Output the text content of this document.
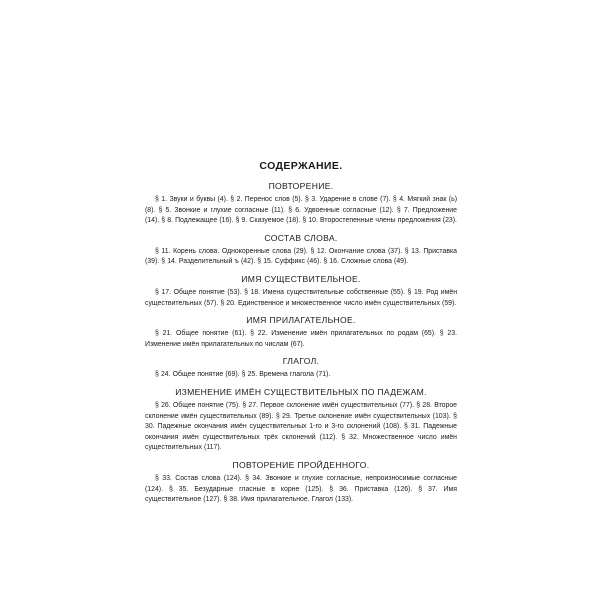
СОДЕРЖАНИЕ.
ПОВТОРЕНИЕ.

§ 1. Звуки и буквы (4). § 2. Перенос слов (5). § 3. Ударение в слове (7). § 4. Мягкий знак (ь) (8). § 5. Звонкие и глухие согласные (11). § 6. Удвоенные согласные (12). § 7. Предложение (14). § 8. Подлежащее (16). § 9. Сказуемое (18). § 10. Второстепенные члены предложения (23).

СОСТАВ СЛОВА.

§ 11. Корень слова. Однокоренные слова (29). § 12. Окончание слова (37). § 13. Приставка (39). § 14. Разделительный ъ (42). § 15. Суффикс (46). § 16. Сложные слова (49).

ИМЯ СУЩЕСТВИТЕЛЬНОЕ.

§ 17. Общее понятие (53). § 18. Имена существительные собственные (55). § 19. Род имён существительных (57). § 20. Единственное и множественное число имён существительных (59).

ИМЯ ПРИЛАГАТЕЛЬНОЕ.

§ 21. Общее понятие (61). § 22. Изменение имён прилагательных по родам (65). § 23. Изменение имён прилагательных по числам (67).

ГЛАГОЛ.

§ 24. Общее понятие (69). § 25. Времена глагола (71).

ИЗМЕНЕНИЕ ИМЁН СУЩЕСТВИТЕЛЬНЫХ ПО ПАДЕЖАМ.

§ 26. Общее понятие (75). § 27. Первое склонение имён существительных (77). § 28. Второе склонение имён существительных (89). § 29. Третье склонение имён существительных (103). § 30. Падежные окончания имён существительных 1-го и 3-го склонений (108). § 31. Падежные окончания имён существительных трёх склонений (112). § 32. Множественное число имён существительных (117).

ПОВТОРЕНИЕ ПРОЙДЕННОГО.

§ 33. Состав слова (124). § 34. Звонкие и глухие согласные, непроизносимые согласные (124). § 35. Безударные гласные в корне (125). § 36. Приставка (126). § 37. Имя существительное (127). § 38. Имя прилагательное. Глагол (133).
